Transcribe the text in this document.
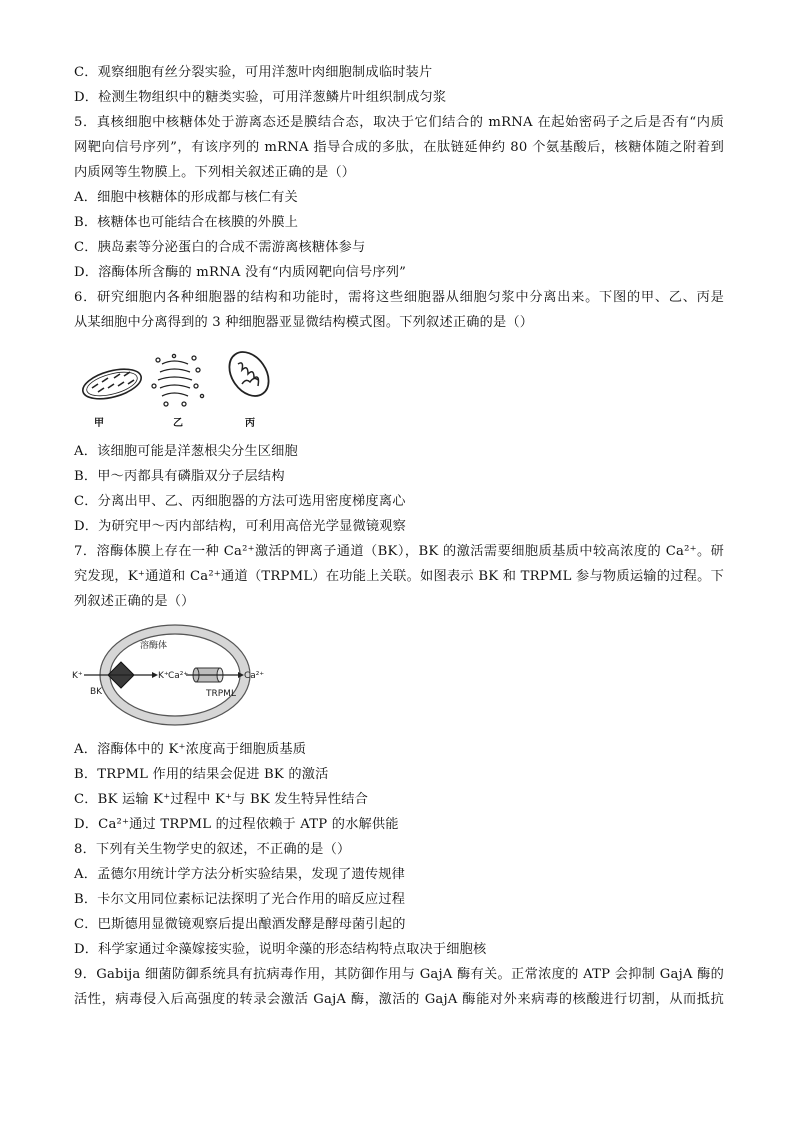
C．观察细胞有丝分裂实验，可用洋葱叶肉细胞制成临时装片
D．检测生物组织中的糖类实验，可用洋葱鳞片叶组织制成匀浆
5．真核细胞中核糖体处于游离态还是膜结合态，取决于它们结合的 mRNA 在起始密码子之后是否有“内质
网靶向信号序列”，有该序列的 mRNA 指导合成的多肽，在肽链延伸约 80 个氨基酸后，核糖体随之附着到
内质网等生物膜上。下列相关叙述正确的是（）
A．细胞中核糖体的形成都与核仁有关
B．核糖体也可能结合在核膜的外膜上
C．胰岛素等分泌蛋白的合成不需游离核糖体参与
D．溶酶体所含酶的 mRNA 没有“内质网靶向信号序列”
6．研究细胞内各种细胞器的结构和功能时，需将这些细胞器从细胞匀浆中分离出来。下图的甲、乙、丙是
从某细胞中分离得到的 3 种细胞器亚显微结构模式图。下列叙述正确的是（）
甲	乙	丙
A．该细胞可能是洋葱根尖分生区细胞
B．甲～丙都具有磷脂双分子层结构
C．分离出甲、乙、丙细胞器的方法可选用密度梯度离心
D．为研究甲～丙内部结构，可利用高倍光学显微镜观察
7．溶酶体膜上存在一种 Ca²⁺激活的钾离子通道（BK），BK 的激活需要细胞质基质中较高浓度的 Ca²⁺。研
究发现，K⁺通道和 Ca²⁺通道（TRPML）在功能上关联。如图表示 BK 和 TRPML 参与物质运输的过程。下
列叙述正确的是（）
溶酶体
K⁺	K⁺
BK
Ca²⁺	Ca²⁺
TRPML
A．溶酶体中的 K⁺浓度高于细胞质基质
B．TRPML 作用的结果会促进 BK 的激活
C．BK 运输 K⁺过程中 K⁺与 BK 发生特异性结合
D．Ca²⁺通过 TRPML 的过程依赖于 ATP 的水解供能
8．下列有关生物学史的叙述，不正确的是（）
A．孟德尔用统计学方法分析实验结果，发现了遗传规律
B．卡尔文用同位素标记法探明了光合作用的暗反应过程
C．巴斯德用显微镜观察后提出酿酒发酵是酵母菌引起的
D．科学家通过伞藻嫁接实验，说明伞藻的形态结构特点取决于细胞核
9．Gabija 细菌防御系统具有抗病毒作用，其防御作用与 GajA 酶有关。正常浓度的 ATP 会抑制 GajA 酶的
活性，病毒侵入后高强度的转录会激活 GajA 酶，激活的 GajA 酶能对外来病毒的核酸进行切割，从而抵抗
